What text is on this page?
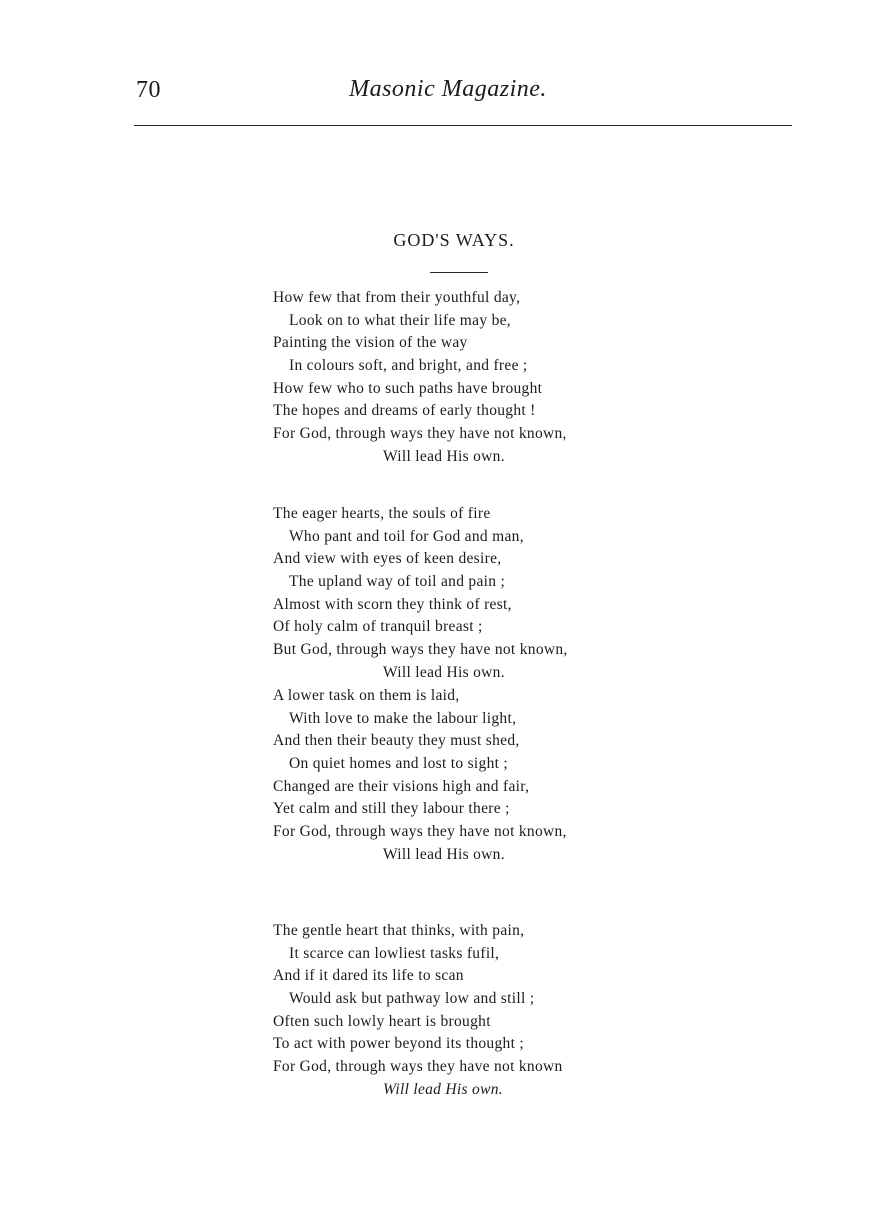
70	Masonic Magazine.
GOD'S WAYS.
How few that from their youthful day,
Look on to what their life may be,
Painting the vision of the way
In colours soft, and bright, and free ;
How few who to such paths have brought
The hopes and dreams of early thought !
For God, through ways they have not known,
Will lead His own.
The eager hearts, the souls of fire
Who pant and toil for God and man,
And view with eyes of keen desire,
The upland way of toil and pain ;
Almost with scorn they think of rest,
Of holy calm of tranquil breast ;
But God, through ways they have not known,
Will lead His own.
A lower task on them is laid,
With love to make the labour light,
And then their beauty they must shed,
On quiet homes and lost to sight ;
Changed are their visions high and fair,
Yet calm and still they labour there ;
For God, through ways they have not known,
Will lead His own.
The gentle heart that thinks, with pain,
It scarce can lowliest tasks fufil,
And if it dared its life to scan
Would ask but pathway low and still ;
Often such lowly heart is brought
To act with power beyond its thought ;
For God, through ways they have not known
Will lead His own.
